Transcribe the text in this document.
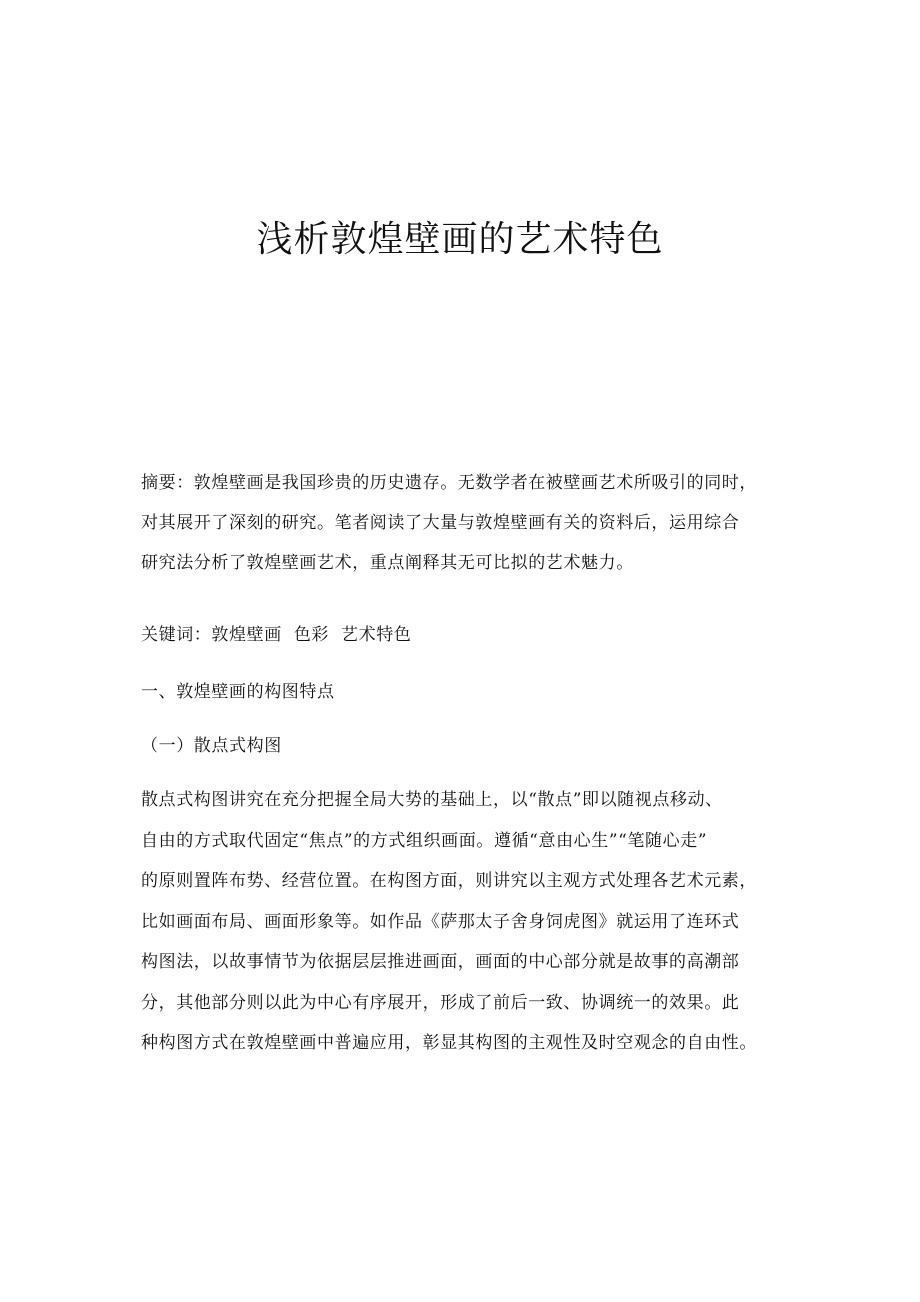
浅析敦煌壁画的艺术特色
摘要：敦煌壁画是我国珍贵的历史遗存。无数学者在被壁画艺术所吸引的同时，
对其展开了深刻的研究。笔者阅读了大量与敦煌壁画有关的资料后，运用综合
研究法分析了敦煌壁画艺术，重点阐释其无可比拟的艺术魅力。
关键词：敦煌壁画 色彩 艺术特色
一、敦煌壁画的构图特点
（一）散点式构图
散点式构图讲究在充分把握全局大势的基础上，以“散点”即以随视点移动、
自由的方式取代固定“焦点”的方式组织画面。遵循“意由心生”“笔随心走”
的原则置阵布势、经营位置。在构图方面，则讲究以主观方式处理各艺术元素，
比如画面布局、画面形象等。如作品《萨那太子舍身饲虎图》就运用了连环式
构图法，以故事情节为依据层层推进画面，画面的中心部分就是故事的高潮部
分，其他部分则以此为中心有序展开，形成了前后一致、协调统一的效果。此
种构图方式在敦煌壁画中普遍应用，彰显其构图的主观性及时空观念的自由性。
